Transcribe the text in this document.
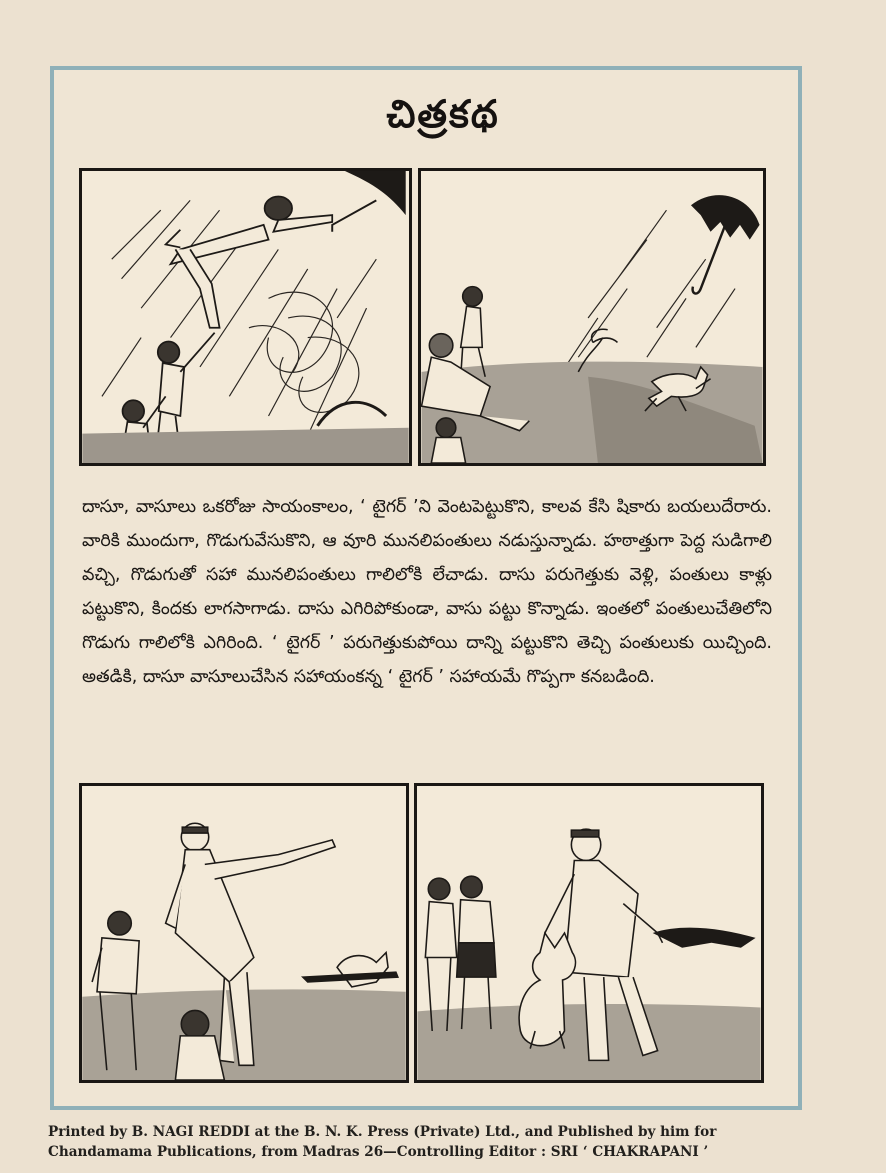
చిత్రకథ

దాసూ, వాసూలు ఒకరోజు సాయంకాలం, ‘ టైగర్ ’ని వెంటపెట్టుకొని, కాలవ కేసి షికారు బయలుదేరారు. వారికి ముందుగా, గొడుగువేసుకొని, ఆ వూరి మునలిపంతులు నడుస్తున్నాడు. హఠాత్తుగా పెద్ద సుడిగాలి వచ్చి, గొడుగుతో సహా మునలిపంతులు గాలిలోకి లేచాడు. దాసు పరుగెత్తుకు వెళ్లి, పంతులు కాళ్లు పట్టుకొని, కిందకు లాగసాగాడు. దాసు ఎగిరిపోకుండా, వాసు పట్టు కొన్నాడు. ఇంతలో పంతులుచేతిలోని గొడుగు గాలిలోకి ఎగిరింది. ‘ టైగర్ ’ పరుగెత్తుకుపోయి దాన్ని పట్టుకొని తెచ్చి పంతులుకు యిచ్చింది. అతడికి, దాసూ వాసూలుచేసిన సహాయంకన్న ‘ టైగర్ ’ సహాయమే గొప్పగా కనబడింది.

Printed by B. NAGI REDDI at the B. N. K. Press (Private) Ltd., and Published by him for
Chandamama Publications, from Madras 26—Controlling Editor : SRI ‘ CHAKRAPANI ’
